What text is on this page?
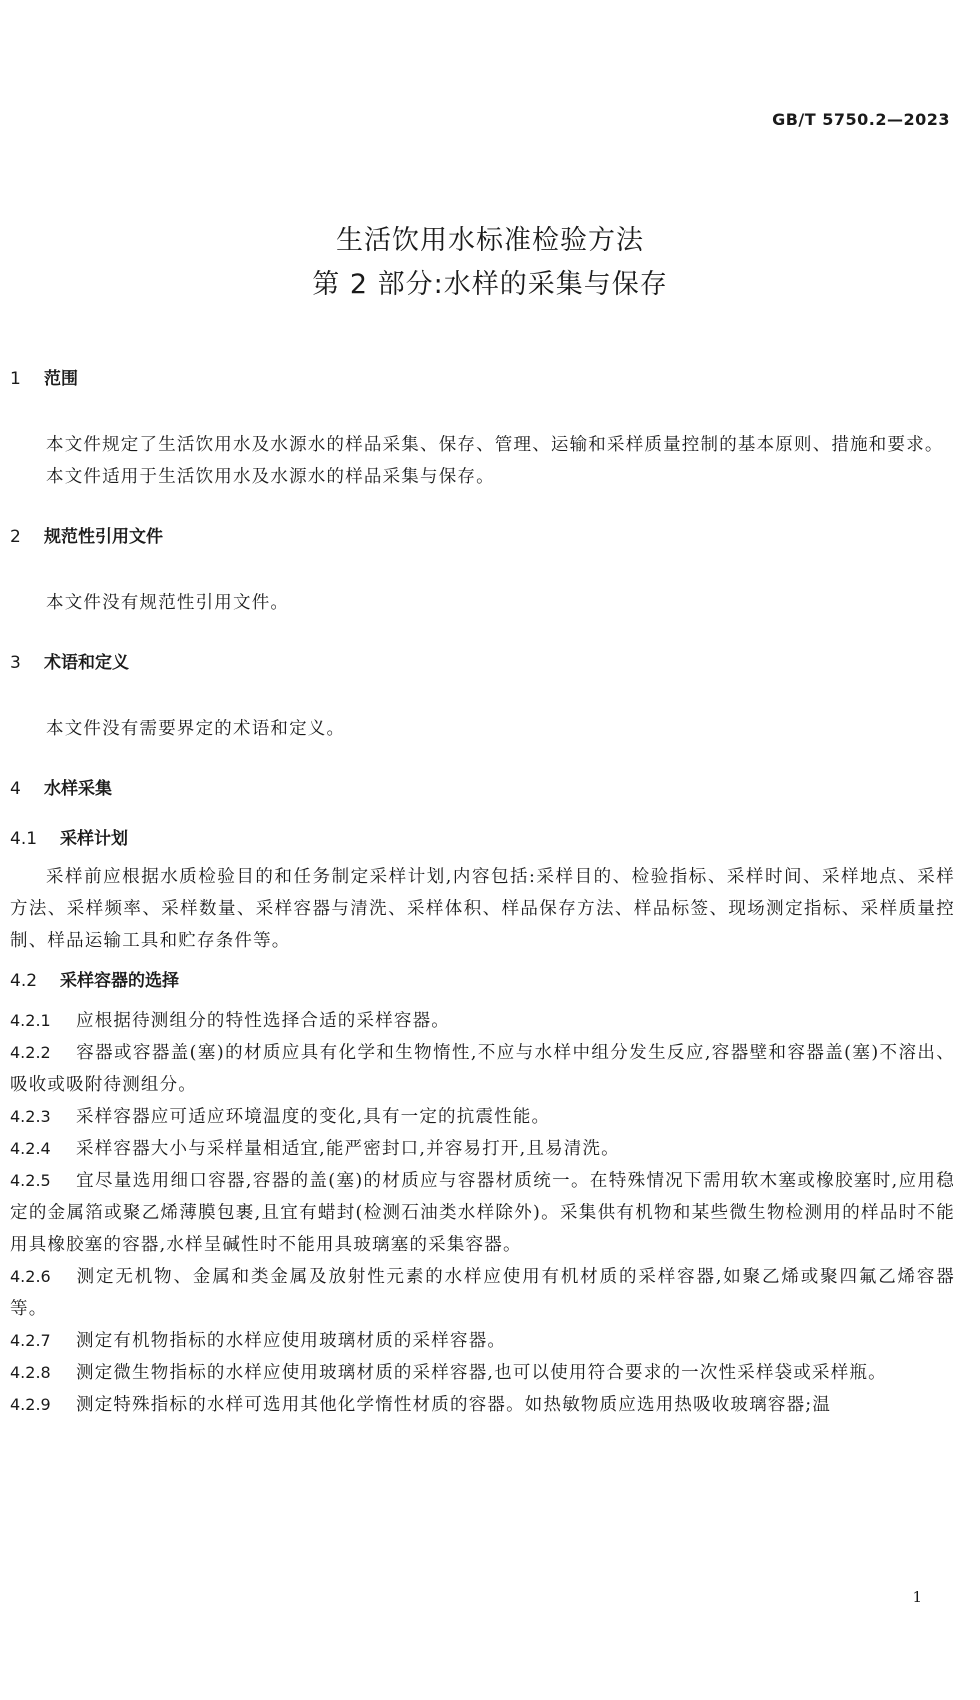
GB/T 5750.2—2023
生活饮用水标准检验方法
第 2 部分:水样的采集与保存
1 范围
本文件规定了生活饮用水及水源水的样品采集、保存、管理、运输和采样质量控制的基本原则、措施和要求。
本文件适用于生活饮用水及水源水的样品采集与保存。
2 规范性引用文件
本文件没有规范性引用文件。
3 术语和定义
本文件没有需要界定的术语和定义。
4 水样采集
4.1 采样计划
采样前应根据水质检验目的和任务制定采样计划,内容包括:采样目的、检验指标、采样时间、采样地点、采样方法、采样频率、采样数量、采样容器与清洗、采样体积、样品保存方法、样品标签、现场测定指标、采样质量控制、样品运输工具和贮存条件等。
4.2 采样容器的选择
4.2.1 应根据待测组分的特性选择合适的采样容器。
4.2.2 容器或容器盖(塞)的材质应具有化学和生物惰性,不应与水样中组分发生反应,容器壁和容器盖(塞)不溶出、吸收或吸附待测组分。
4.2.3 采样容器应可适应环境温度的变化,具有一定的抗震性能。
4.2.4 采样容器大小与采样量相适宜,能严密封口,并容易打开,且易清洗。
4.2.5 宜尽量选用细口容器,容器的盖(塞)的材质应与容器材质统一。在特殊情况下需用软木塞或橡胶塞时,应用稳定的金属箔或聚乙烯薄膜包裹,且宜有蜡封(检测石油类水样除外)。采集供有机物和某些微生物检测用的样品时不能用具橡胶塞的容器,水样呈碱性时不能用具玻璃塞的采集容器。
4.2.6 测定无机物、金属和类金属及放射性元素的水样应使用有机材质的采样容器,如聚乙烯或聚四氟乙烯容器等。
4.2.7 测定有机物指标的水样应使用玻璃材质的采样容器。
4.2.8 测定微生物指标的水样应使用玻璃材质的采样容器,也可以使用符合要求的一次性采样袋或采样瓶。
4.2.9 测定特殊指标的水样可选用其他化学惰性材质的容器。如热敏物质应选用热吸收玻璃容器;温
1
